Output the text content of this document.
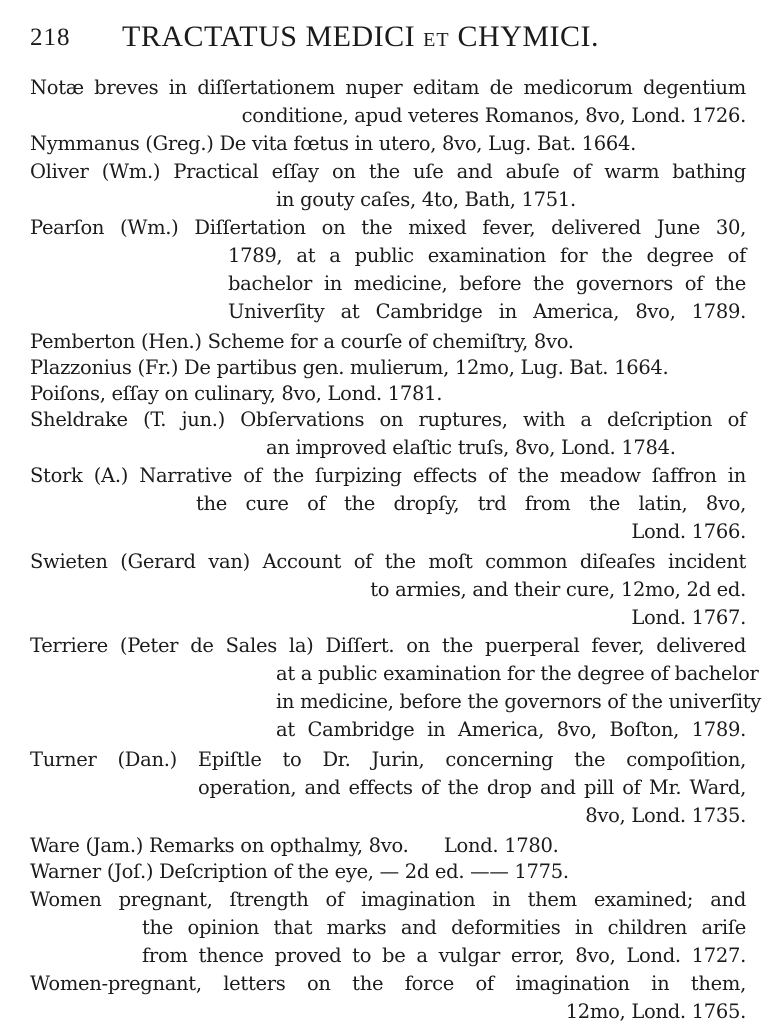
218 TRACTATUS MEDICI ET CHYMICI.
Notæ breves in diſſertationem nuper editam de medicorum degentium
conditione, apud veteres Romanos, 8vo, Lond. 1726.
Nymmanus (Greg.) De vita fœtus in utero, 8vo, Lug. Bat. 1664.
Oliver (Wm.) Practical eſſay on the uſe and abuſe of warm bathing
in gouty caſes, 4to, Bath, 1751.
Pearſon (Wm.) Diſſertation on the mixed fever, delivered June 30,
1789, at a public examination for the degree of
bachelor in medicine, before the governors of the
Univerſity at Cambridge in America, 8vo, 1789.
Pemberton (Hen.) Scheme for a courſe of chemiſtry, 8vo.
Plazzonius (Fr.) De partibus gen. mulierum, 12mo, Lug. Bat. 1664.
Poiſons, eſſay on culinary, 8vo, Lond. 1781.
Sheldrake (T. jun.) Obſervations on ruptures, with a deſcription of
an improved elaſtic truſs, 8vo, Lond. 1784.
Stork (A.) Narrative of the ſurpizing effects of the meadow ſaffron in
the cure of the dropſy, trd from the latin, 8vo,
Lond. 1766.
Swieten (Gerard van) Account of the moſt common diſeaſes incident
to armies, and their cure, 12mo, 2d ed.
Lond. 1767.
Terriere (Peter de Sales la) Diſſert. on the puerperal fever, delivered
at a public examination for the degree of bachelor
in medicine, before the governors of the univerſity
at Cambridge in America, 8vo, Boſton, 1789.
Turner (Dan.) Epiſtle to Dr. Jurin, concerning the compoſition,
operation, and effects of the drop and pill of Mr. Ward,
8vo, Lond. 1735.
Ware (Jam.) Remarks on opthalmy, 8vo.      Lond. 1780.
Warner (Joſ.) Deſcription of the eye, — 2d ed. —— 1775.
Women pregnant, ſtrength of imagination in them examined; and
the opinion that marks and deformities in children ariſe
from thence proved to be a vulgar error, 8vo, Lond. 1727.
Women-pregnant, letters on the force of imagination in them,
12mo, Lond. 1765.
